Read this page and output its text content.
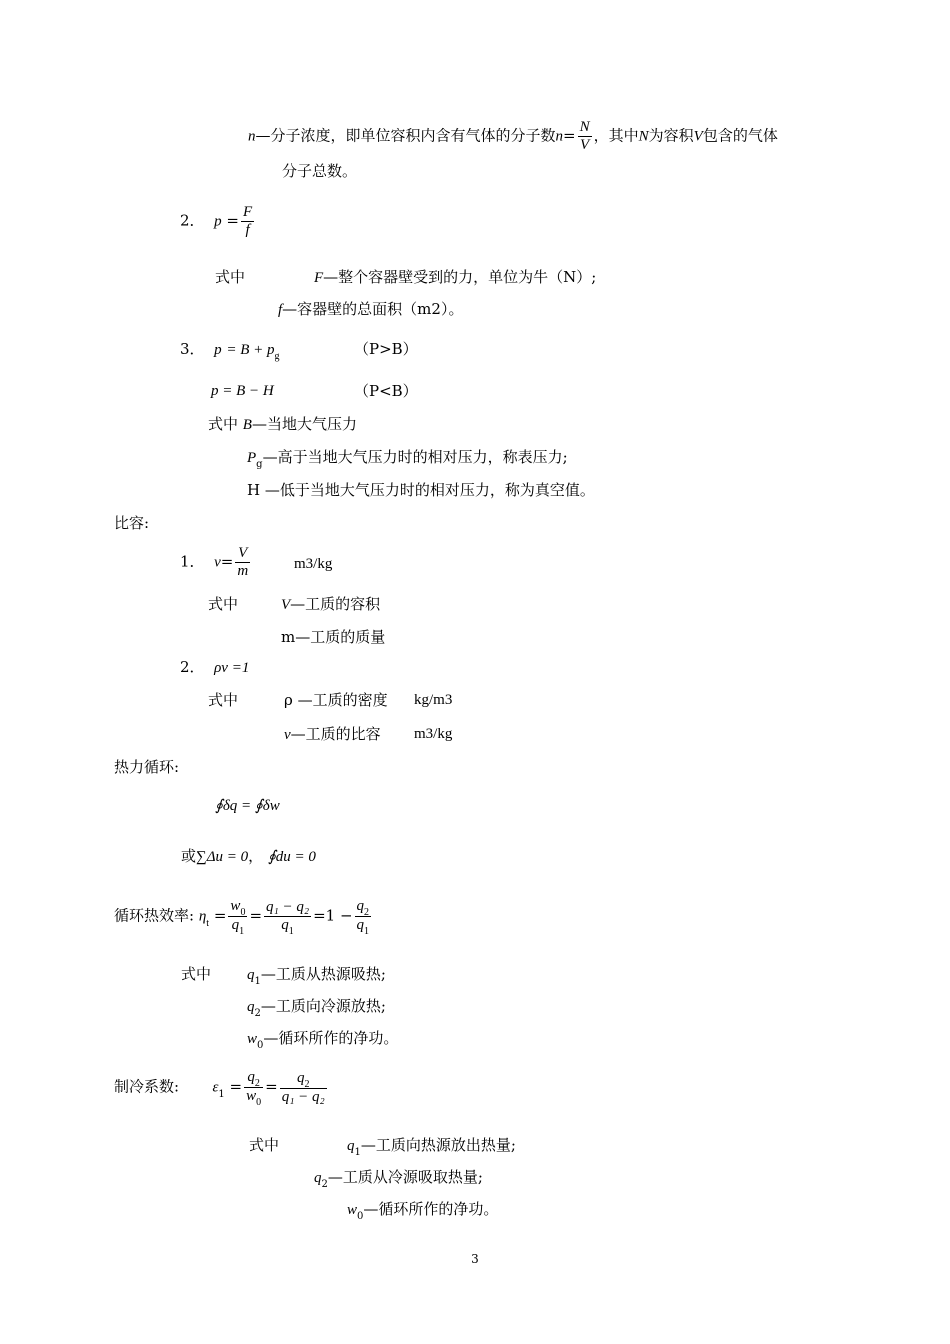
n—分子浓度，即单位容积内含有气体的分子数$n= \frac{N}{V}$ ，其中N为容积V包含的气体
分子总数。
2． $p = \frac{F}{f}$
式中	F—整个容器壁受到的力，单位为牛（N）;
f—容器壁的总面积（m2）。
3． $p = B + p_g$	（P>B）
p = B − H	（P<B）
式中 B—当地大气压力
$P_g—$高于当地大气压力时的相对压力，称表压力;
H —低于当地大气压力时的相对压力，称为真空值。
比容:
1． $v= \frac{V}{m}$	m3/kg
式中	V—工质的容积
m—工质的质量
2． ρv =1
式中	ρ —工质的密度 kg/m3
v—工质的比容 m3/kg
热力循环:
∮δq = ∮δw
或∑Δu = 0， ∮du = 0
循环热效率: $\eta_t = \frac{w_0}{q_1} = \frac{\text{q₁ − q₂}}{q_1} =1 - \frac{q_2}{q_1}$
式中 $q_1—$工质从热源吸热;
$q_2—$工质向冷源放热;
$w_0—$循环所作的净功。
制冷系数: $\varepsilon_1 = \frac{q_2}{w_0} = \frac{q_2}{\text{q₁ − q₂}}$
式中	$q_1—$工质向热源放出热量;
$q_2—$工质从冷源吸取热量;
$w_0—$循环所作的净功。
3
